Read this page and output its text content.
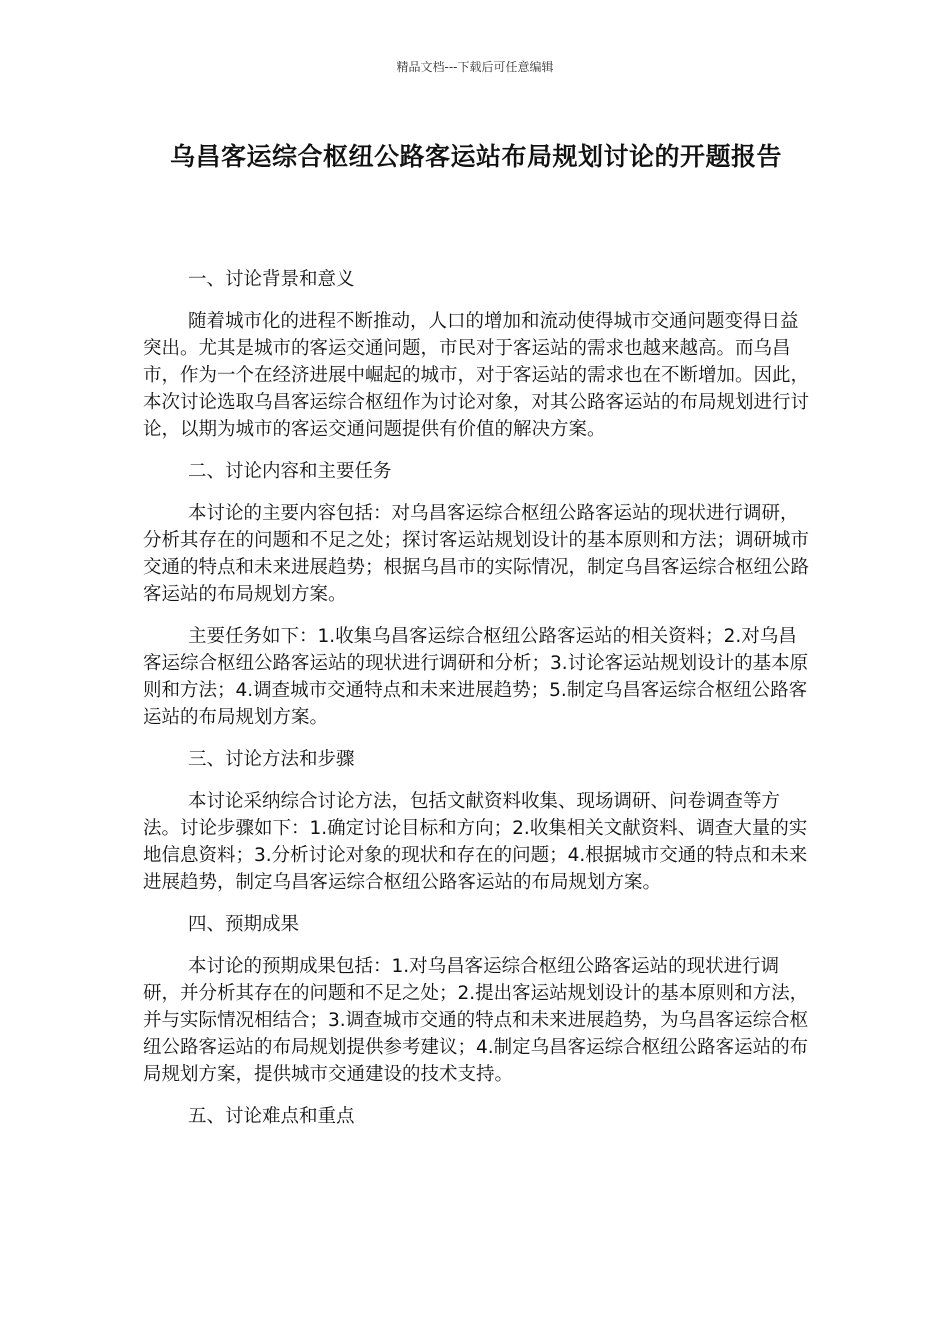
精品文档---下载后可任意编辑
乌昌客运综合枢纽公路客运站布局规划讨论的开题报告

一、讨论背景和意义

随着城市化的进程不断推动，人口的增加和流动使得城市交通问题变得日益突出。尤其是城市的客运交通问题，市民对于客运站的需求也越来越高。而乌昌市，作为一个在经济进展中崛起的城市，对于客运站的需求也在不断增加。因此，本次讨论选取乌昌客运综合枢纽作为讨论对象，对其公路客运站的布局规划进行讨论，以期为城市的客运交通问题提供有价值的解决方案。

二、讨论内容和主要任务

本讨论的主要内容包括：对乌昌客运综合枢纽公路客运站的现状进行调研，分析其存在的问题和不足之处；探讨客运站规划设计的基本原则和方法；调研城市交通的特点和未来进展趋势；根据乌昌市的实际情况，制定乌昌客运综合枢纽公路客运站的布局规划方案。

主要任务如下：1.收集乌昌客运综合枢纽公路客运站的相关资料；2.对乌昌客运综合枢纽公路客运站的现状进行调研和分析；3.讨论客运站规划设计的基本原则和方法；4.调查城市交通特点和未来进展趋势；5.制定乌昌客运综合枢纽公路客运站的布局规划方案。

三、讨论方法和步骤

本讨论采纳综合讨论方法，包括文献资料收集、现场调研、问卷调查等方法。讨论步骤如下：1.确定讨论目标和方向；2.收集相关文献资料、调查大量的实地信息资料；3.分析讨论对象的现状和存在的问题；4.根据城市交通的特点和未来进展趋势，制定乌昌客运综合枢纽公路客运站的布局规划方案。

四、预期成果

本讨论的预期成果包括：1.对乌昌客运综合枢纽公路客运站的现状进行调研，并分析其存在的问题和不足之处；2.提出客运站规划设计的基本原则和方法，并与实际情况相结合；3.调查城市交通的特点和未来进展趋势，为乌昌客运综合枢纽公路客运站的布局规划提供参考建议；4.制定乌昌客运综合枢纽公路客运站的布局规划方案，提供城市交通建设的技术支持。

五、讨论难点和重点
